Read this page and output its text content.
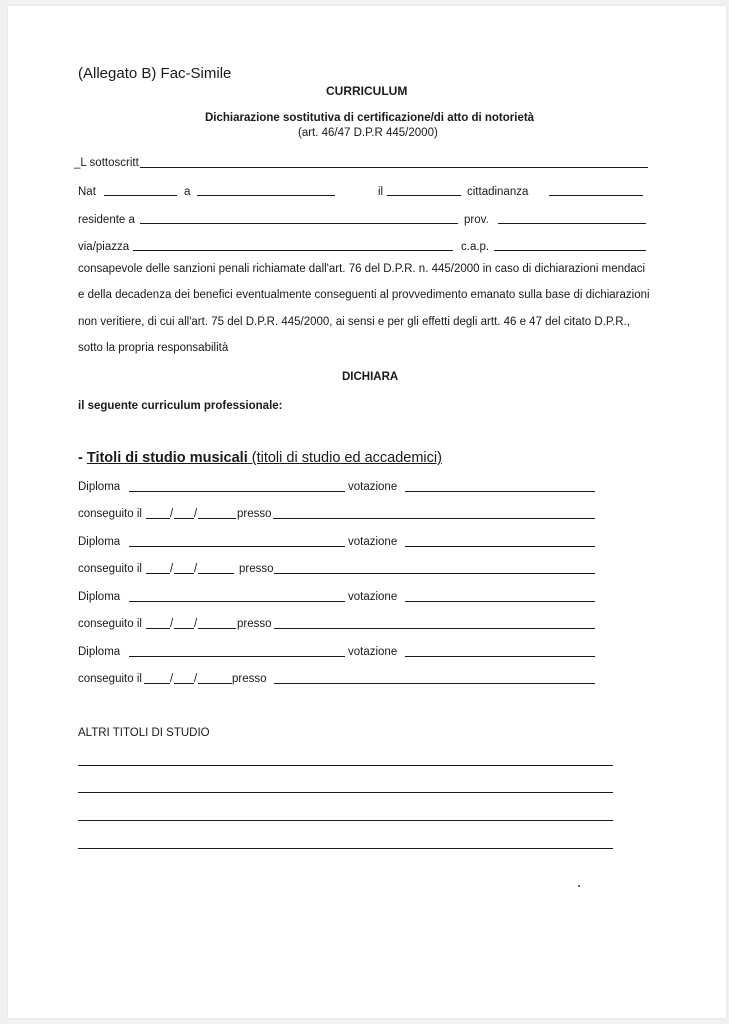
(Allegato B) Fac-Simile
CURRICULUM
Dichiarazione sostitutiva di certificazione/di atto di notorietà
(art. 46/47 D.P.R 445/2000)
_L sottoscritt
Nat	a	il	cittadinanza
residente a	prov.
via/piazza	c.a.p.
consapevole delle sanzioni penali richiamate dall'art. 76 del D.P.R. n. 445/2000 in caso di dichiarazioni mendaci
e della decadenza dei benefici eventualmente conseguenti al provvedimento emanato sulla base di dichiarazioni
non veritiere, di cui all'art. 75 del D.P.R. 445/2000, ai sensi e per gli effetti degli artt. 46 e 47 del citato D.P.R.,
sotto la propria responsabilità
DICHIARA
il seguente curriculum professionale:
- Titoli di studio musicali (titoli di studio ed accademici)
Diploma	votazione
conseguito il / /	presso
Diploma	votazione
conseguito il / /	presso
Diploma	votazione
conseguito il / /	presso
Diploma	votazione
conseguito il / /	presso
ALTRI TITOLI DI STUDIO
